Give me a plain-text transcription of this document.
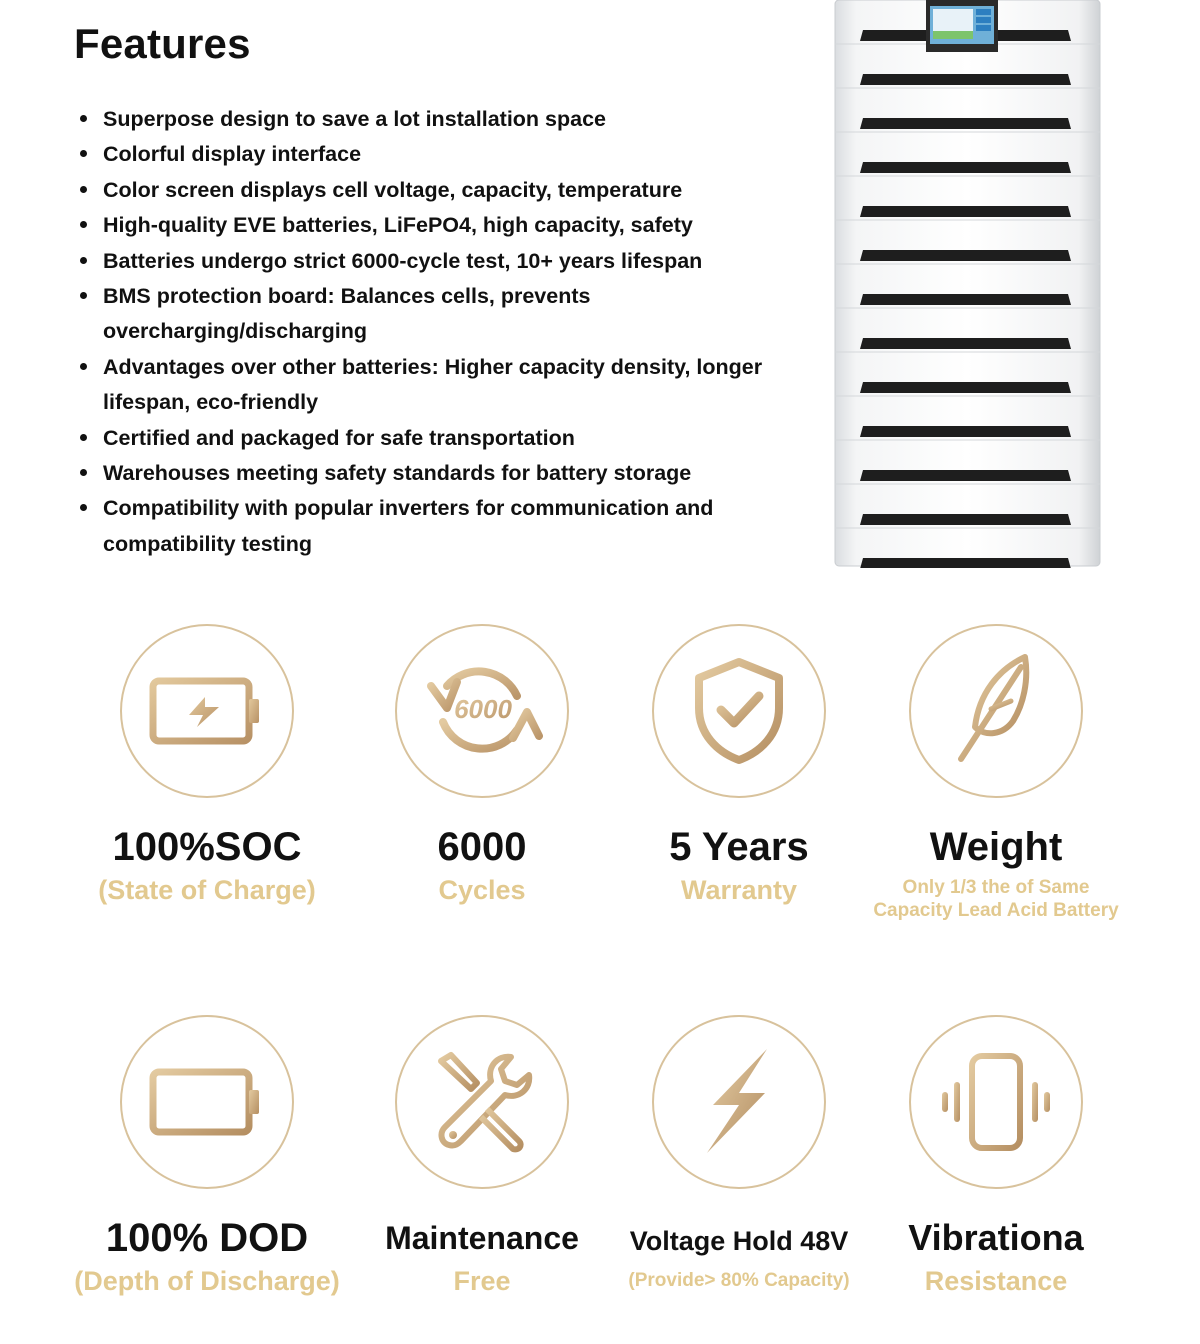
Features
Superpose design to save a lot installation space
Colorful display interface
Color screen displays cell voltage, capacity, temperature
High-quality EVE batteries, LiFePO4, high capacity, safety
Batteries undergo strict 6000-cycle test, 10+ years lifespan
BMS protection board: Balances cells, prevents overcharging/discharging
Advantages over other batteries: Higher capacity density, longer lifespan, eco-friendly
Certified and packaged for safe transportation
Warehouses meeting safety standards for battery storage
Compatibility with popular inverters for communication and compatibility testing
100%SOC
(State of Charge)
6000
6000
Cycles
5 Years
Warranty
Weight
Only 1/3 the of Same
Capacity Lead Acid Battery
100% DOD
(Depth of Discharge)
Maintenance
Free
Voltage Hold 48V
(Provide> 80% Capacity)
Vibrationa
Resistance
